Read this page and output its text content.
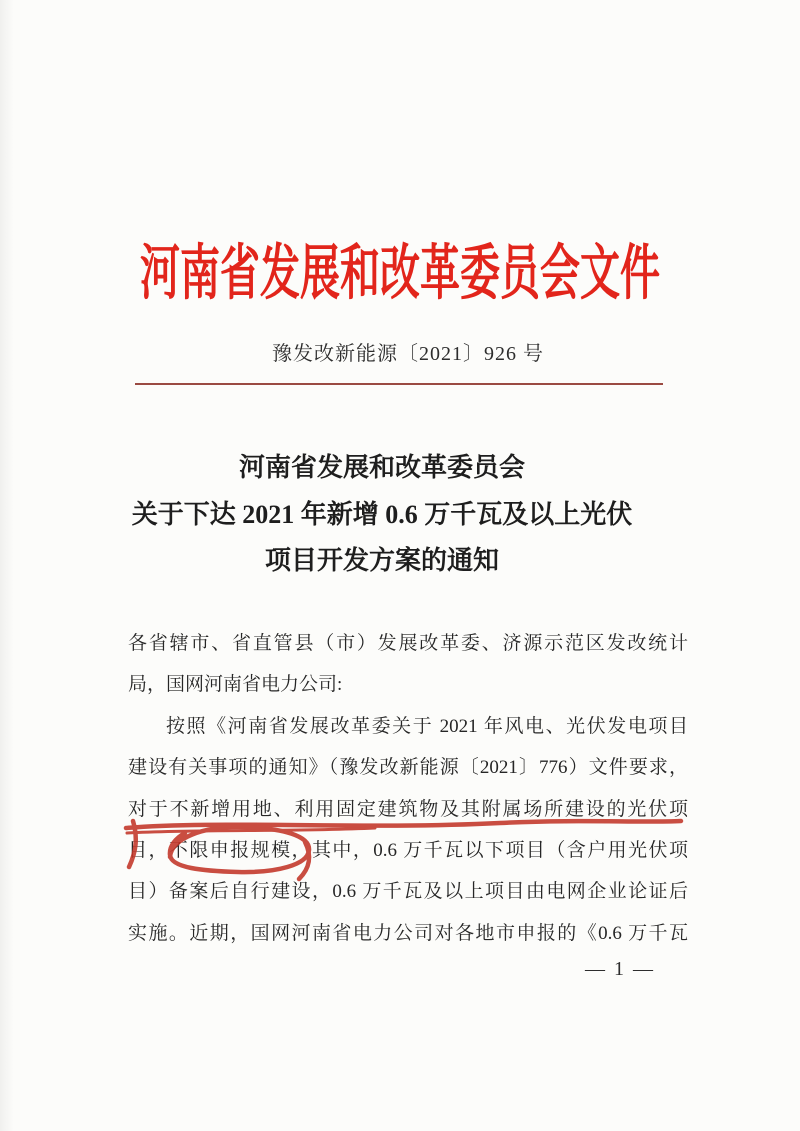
河南省发展和改革委员会文件
豫发改新能源〔2021〕926 号
河南省发展和改革委员会
关于下达 2021 年新增 0.6 万千瓦及以上光伏
项目开发方案的通知
各省辖市、省直管县（市）发展改革委、济源示范区发改统计
局，国网河南省电力公司:
按照《河南省发展改革委关于 2021 年风电、光伏发电项目
建设有关事项的通知》（豫发改新能源〔2021〕776）文件要求，
对于不新增用地、利用固定建筑物及其附属场所建设的光伏项
目，不限申报规模，其中，0.6 万千瓦以下项目（含户用光伏项
目）备案后自行建设，0.6 万千瓦及以上项目由电网企业论证后
实施。近期，国网河南省电力公司对各地市申报的《0.6 万千瓦
— 1 —
